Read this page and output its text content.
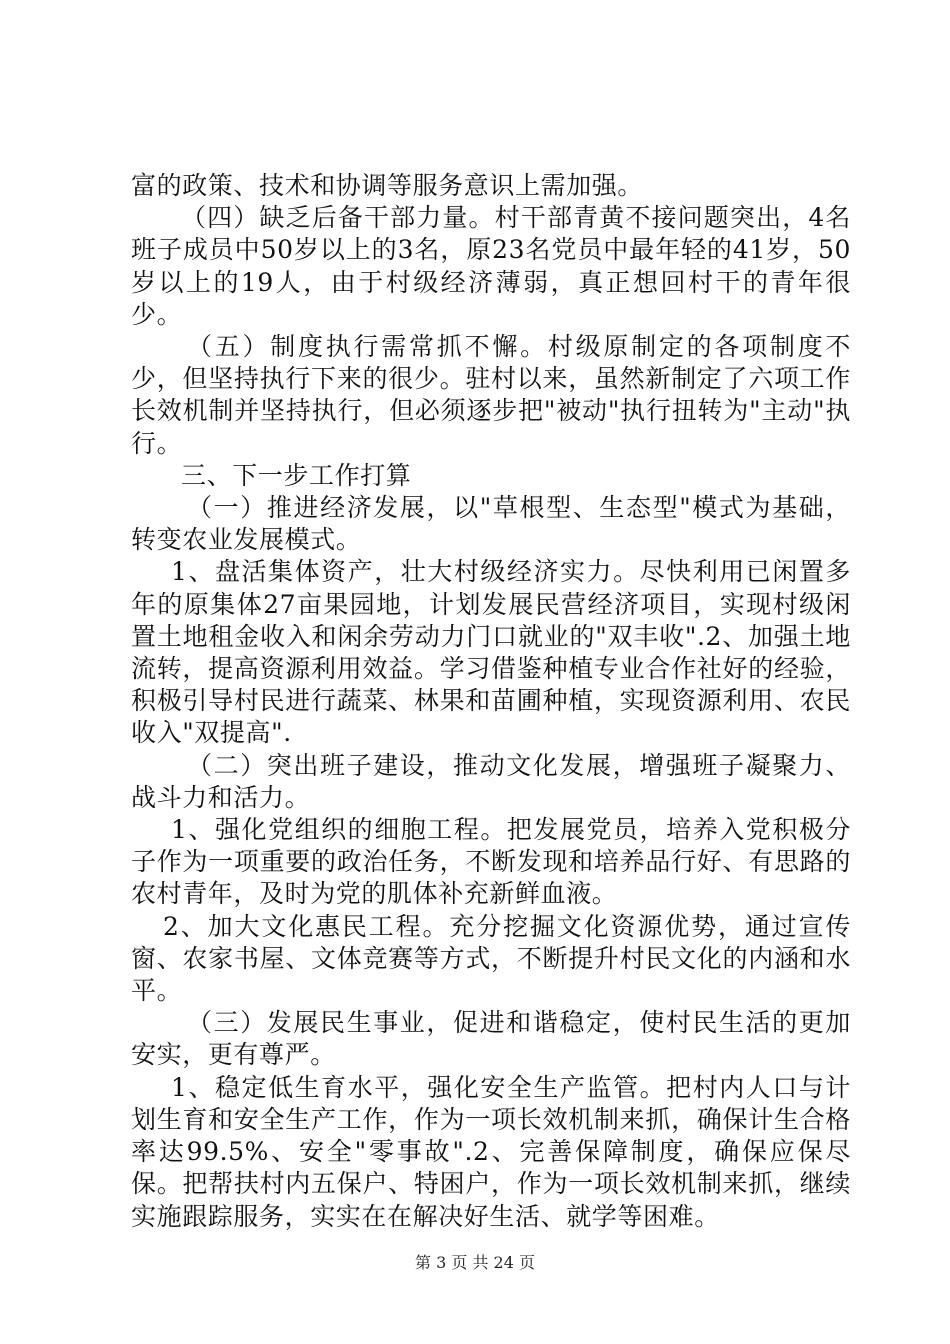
富的政策、技术和协调等服务意识上需加强。

（四）缺乏后备干部力量。村干部青黄不接问题突出，4名班子成员中50岁以上的3名，原23名党员中最年轻的41岁，50岁以上的19人，由于村级经济薄弱，真正想回村干的青年很少。

（五）制度执行需常抓不懈。村级原制定的各项制度不少，但坚持执行下来的很少。驻村以来，虽然新制定了六项工作长效机制并坚持执行，但必须逐步把"被动"执行扭转为"主动"执行。

三、下一步工作打算

（一）推进经济发展，以"草根型、生态型"模式为基础，转变农业发展模式。

1、盘活集体资产，壮大村级经济实力。尽快利用已闲置多年的原集体27亩果园地，计划发展民营经济项目，实现村级闲置土地租金收入和闲余劳动力门口就业的"双丰收".2、加强土地流转，提高资源利用效益。学习借鉴种植专业合作社好的经验，积极引导村民进行蔬菜、林果和苗圃种植，实现资源利用、农民收入"双提高".

（二）突出班子建设，推动文化发展，增强班子凝聚力、战斗力和活力。

1、强化党组织的细胞工程。把发展党员，培养入党积极分子作为一项重要的政治任务，不断发现和培养品行好、有思路的农村青年，及时为党的肌体补充新鲜血液。

2、加大文化惠民工程。充分挖掘文化资源优势，通过宣传窗、农家书屋、文体竞赛等方式，不断提升村民文化的内涵和水平。

（三）发展民生事业，促进和谐稳定，使村民生活的更加安实，更有尊严。

1、稳定低生育水平，强化安全生产监管。把村内人口与计划生育和安全生产工作，作为一项长效机制来抓，确保计生合格率达99.5%、安全"零事故".2、完善保障制度，确保应保尽保。把帮扶村内五保户、特困户，作为一项长效机制来抓，继续实施跟踪服务，实实在在解决好生活、就学等困难。

第 3 页 共 24 页
